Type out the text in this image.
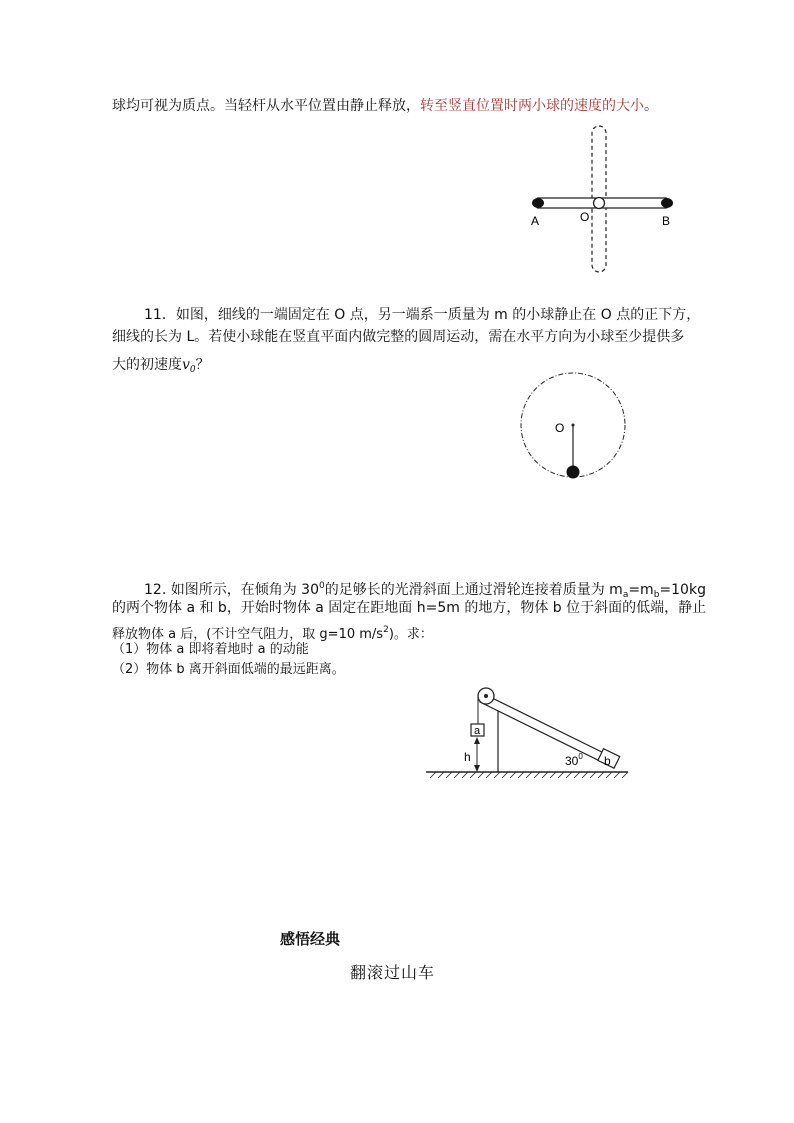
球均可视为质点。当轻杆从水平位置由静止释放，转至竖直位置时两小球的速度的大小。
A	O	B
11．如图，细线的一端固定在 O 点，另一端系一质量为 m 的小球静止在 O 点的正下方，
细线的长为 L。若使小球能在竖直平面内做完整的圆周运动，需在水平方向为小球至少提供多
大的初速度$v_0$？
O
12. 如图所示，在倾角为 $30^0$的足够长的光滑斜面上通过滑轮连接着质量为 $m_a=m_b=10kg$
的两个物体 a 和 b，开始时物体 a 固定在距地面 h=5m 的地方，物体 b 位于斜面的低端，静止
释放物体 a 后，(不计空气阻力，取 g=10 $m/s^2$)。求：
（1）物体 a 即将着地时 a 的动能
（2）物体 b 离开斜面低端的最远距离。
a
h	b
$30^0$
感悟经典
翻滚过山车
